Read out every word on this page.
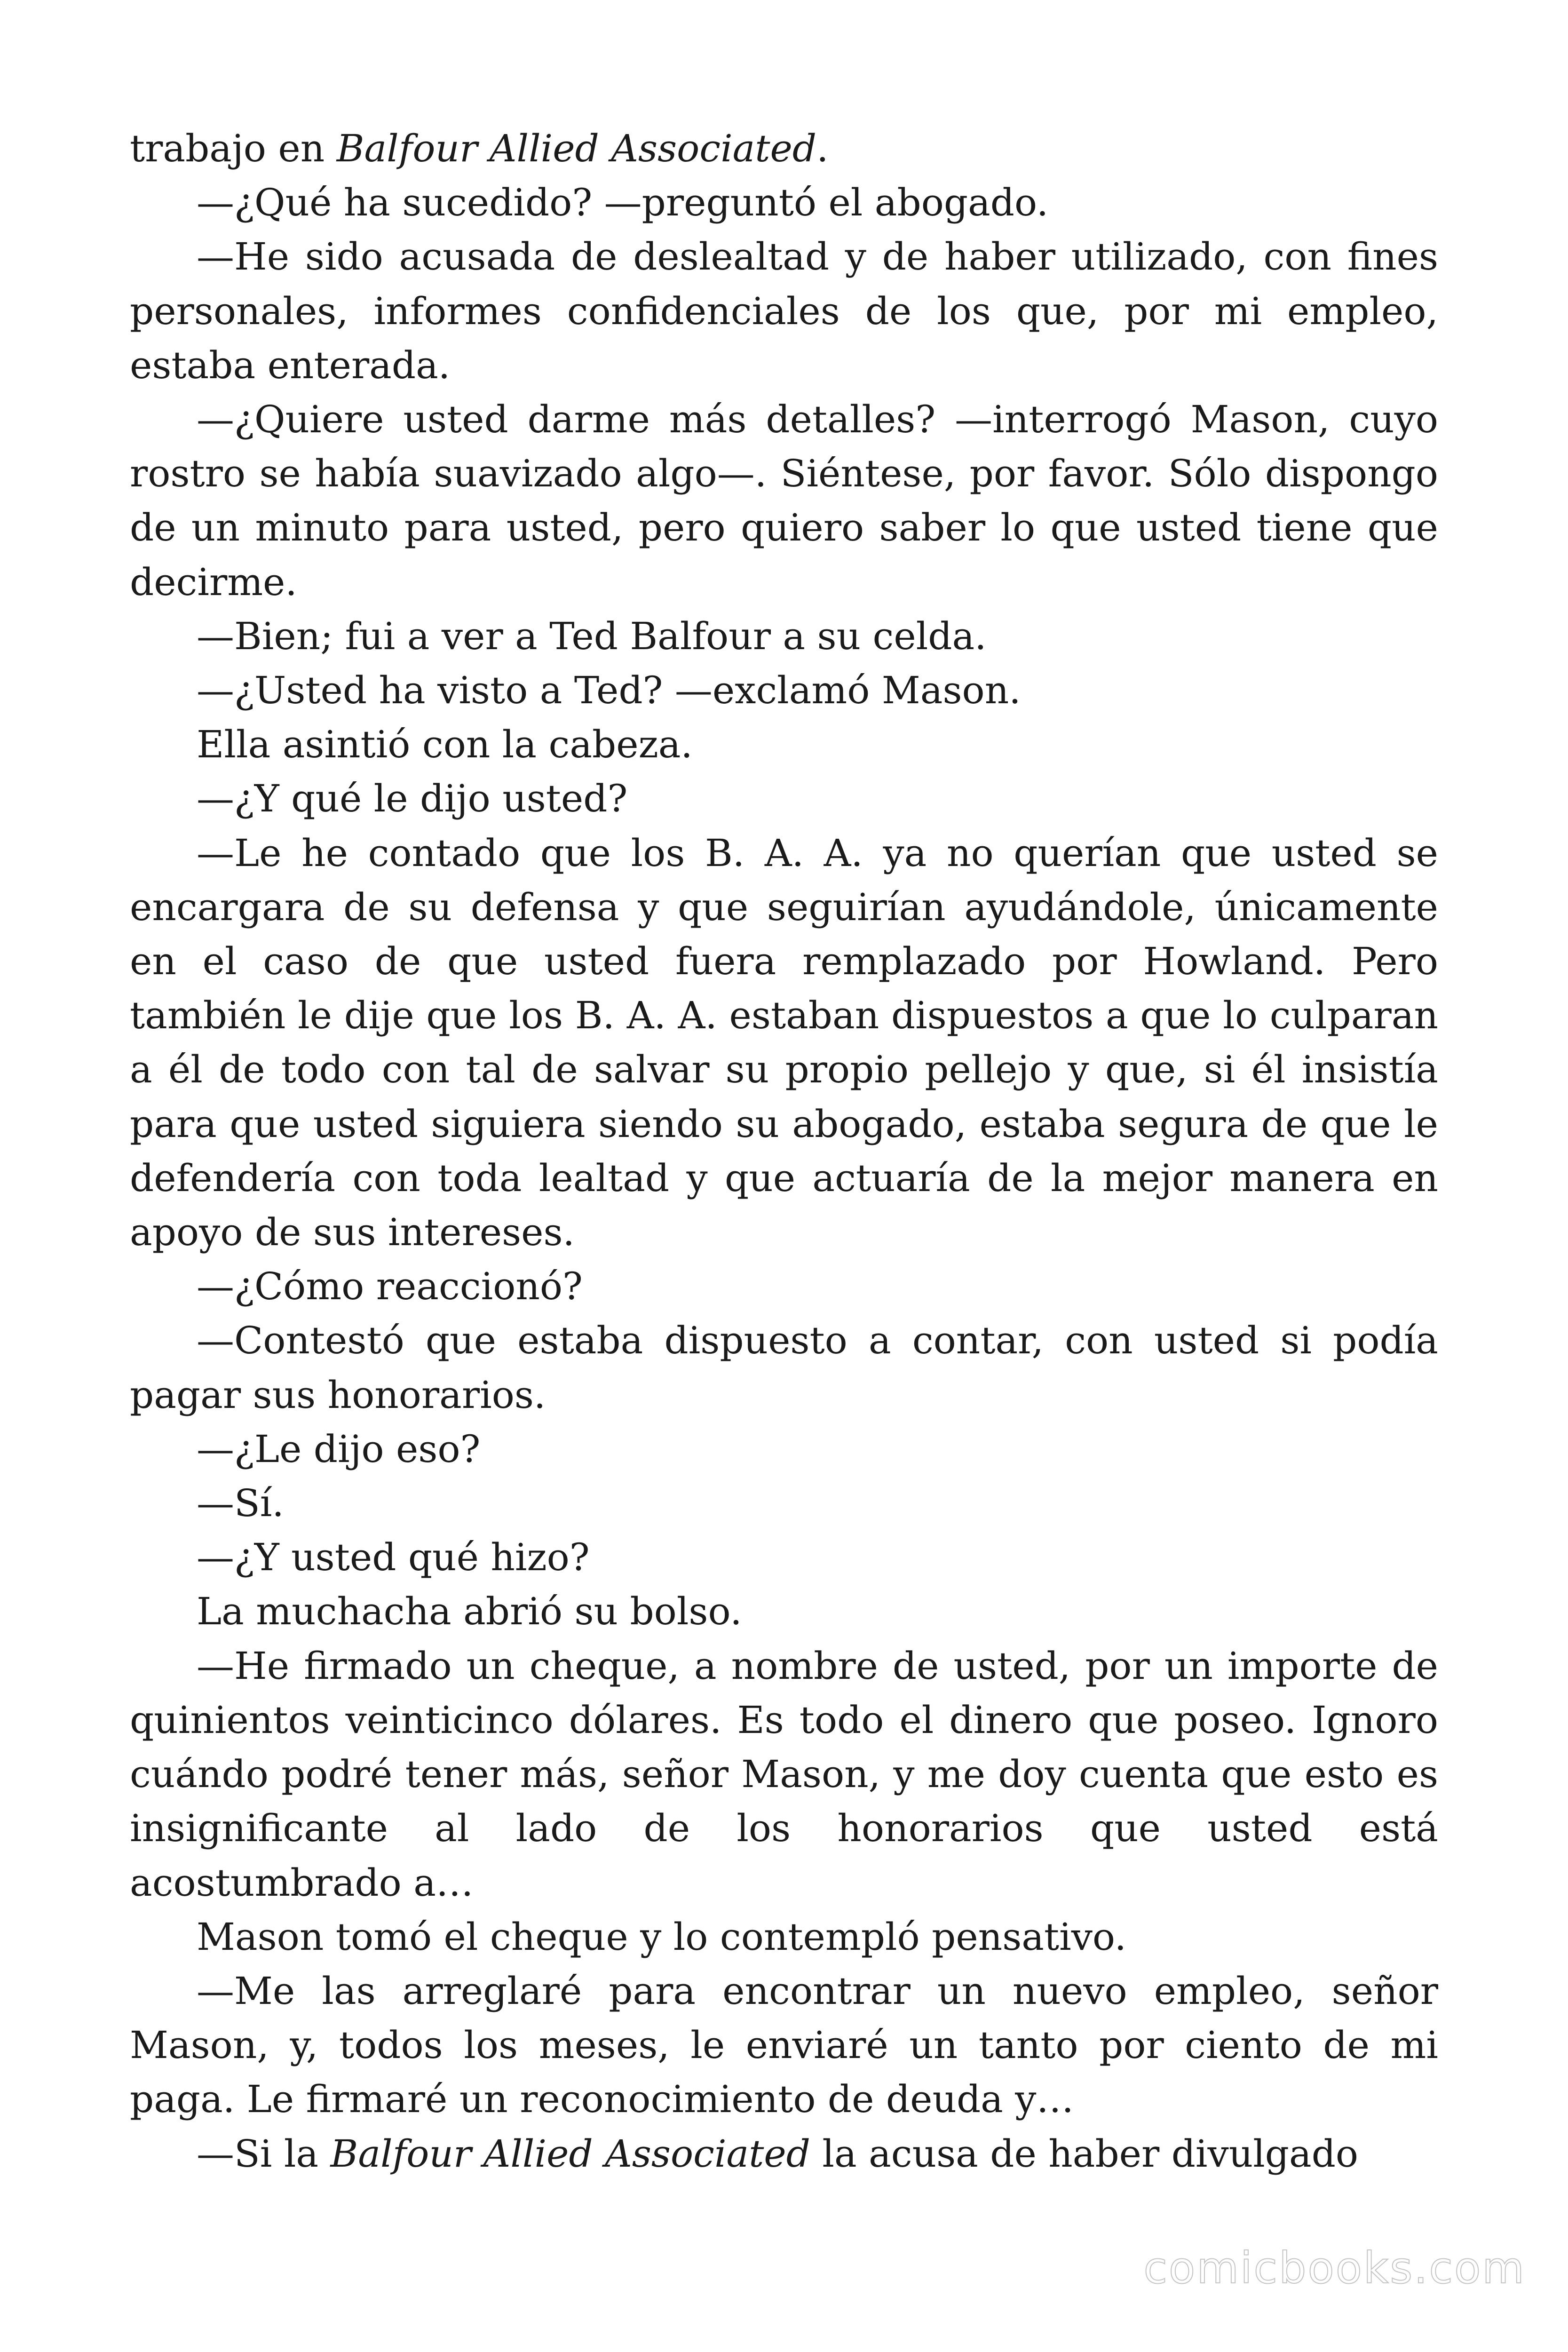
trabajo en Balfour Allied Associated.

—¿Qué ha sucedido? —preguntó el abogado.

—He sido acusada de deslealtad y de haber utilizado, con fines personales, informes confidenciales de los que, por mi empleo, estaba enterada.

—¿Quiere usted darme más detalles? —interrogó Mason, cuyo rostro se había suavizado algo—. Siéntese, por favor. Sólo dispongo de un minuto para usted, pero quiero saber lo que usted tiene que decirme.

—Bien; fui a ver a Ted Balfour a su celda.

—¿Usted ha visto a Ted? —exclamó Mason.

Ella asintió con la cabeza.

—¿Y qué le dijo usted?

—Le he contado que los B. A. A. ya no querían que usted se encargara de su defensa y que seguirían ayudándole, únicamente en el caso de que usted fuera remplazado por Howland. Pero también le dije que los B. A. A. estaban dispuestos a que lo culparan a él de todo con tal de salvar su propio pellejo y que, si él insistía para que usted siguiera siendo su abogado, estaba segura de que le defendería con toda lealtad y que actuaría de la mejor manera en apoyo de sus intereses.

—¿Cómo reaccionó?

—Contestó que estaba dispuesto a contar, con usted si podía pagar sus honorarios.

—¿Le dijo eso?

—Sí.

—¿Y usted qué hizo?

La muchacha abrió su bolso.

—He firmado un cheque, a nombre de usted, por un importe de quinientos veinticinco dólares. Es todo el dinero que poseo. Ignoro cuándo podré tener más, señor Mason, y me doy cuenta que esto es insignificante al lado de los honorarios que usted está acostumbrado a…

Mason tomó el cheque y lo contempló pensativo.

—Me las arreglaré para encontrar un nuevo empleo, señor Mason, y, todos los meses, le enviaré un tanto por ciento de mi paga. Le firmaré un reconocimiento de deuda y…

—Si la Balfour Allied Associated la acusa de haber divulgado

comicbooks.com
